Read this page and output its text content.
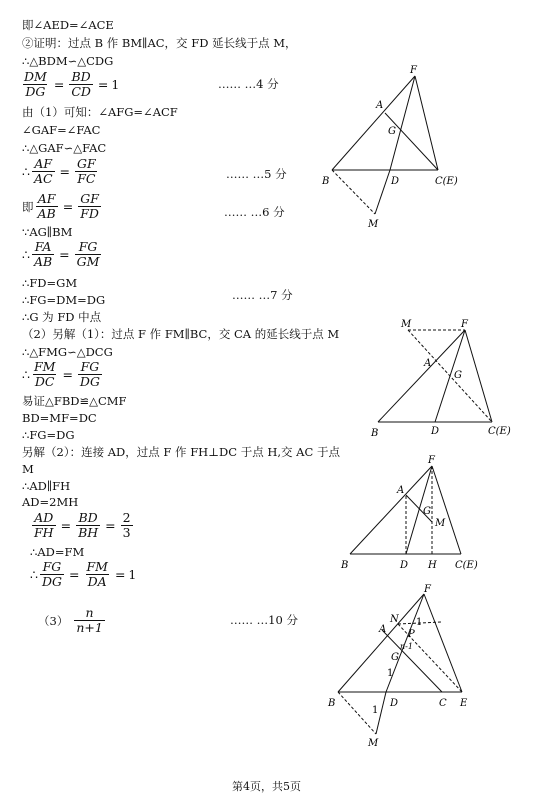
即∠AED=∠ACE
②证明：过点 B 作 BM∥AC，交 FD 延长线于点 M，
∴△BDM∽△CDG
$\frac{DM}{DG} = \frac{BD}{CD} = 1$	…… …4 分
由（1）可知：∠AFG=∠ACF
∠GAF=∠FAC
∴△GAF∽△FAC
∴ $\frac{AF}{AC} = \frac{GF}{FC}$	…… …5 分
即 $\frac{AF}{AB} = \frac{GF}{FD}$	…… …6 分
∵AG∥BM
∴ $\frac{FA}{AB} = \frac{FG}{GM}$
∴FD=GM
…… …7 分
∴FG=DM=DG
∴G 为 FD 中点
（2）另解（1）：过点 F 作 FM∥BC，交 CA 的延长线于点 M
∴△FMG∽△DCG
∴ $\frac{FM}{DC} = \frac{FG}{DG}$
易证△FBD≌△CMF
BD=MF=DC
∴FG=DG
另解（2）：连接 AD，过点 F 作 FH⊥DC 于点 H,交 AC 于点
M
∴AD∥FH
AD=2MH
$\frac{AD}{FH} = \frac{BD}{BH} = \frac{2}{3}$
∴AD=FM
∴ $\frac{FG}{DG} = \frac{FM}{DA} = 1$
$(3) \frac{n}{n+1}$	…… …10 分
F
A
G
B	D	C(E)
M
M	F
A
G
B	D	C(E)
F
A
G
M
B	D H C(E)
F
N
A
1
P
n-1
G
1
B	D	C E
1
M
第4页，共5页
